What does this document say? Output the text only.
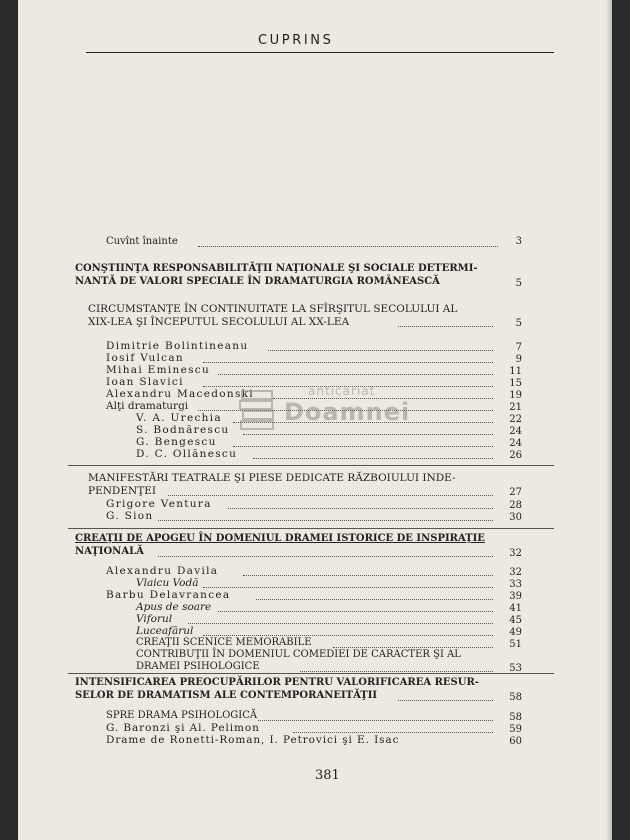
CUPRINS
Cuvînt înainte	3
CONŞTIINŢA RESPONSABILITĂŢII NAŢIONALE ŞI SOCIALE DETERMI-
NANTĂ DE VALORI SPECIALE ÎN DRAMATURGIA ROMÂNEASCĂ	5
CIRCUMSTANŢE ÎN CONTINUITATE LA SFÎRŞITUL SECOLULUI AL
XIX-LEA ŞI ÎNCEPUTUL SECOLULUI AL XX-LEA	5
Dimitrie Bolintineanu	7
Iosif Vulcan	9
Mihai Eminescu	11
Ioan Slavici	15
Alexandru Macedonski	19
Alţi dramaturgi	21
V. A. Urechia	22
S. Bodnărescu	24
G. Bengescu	24
D. C. Ollănescu	26
anticariat
Doamnei
MANIFESTĂRI TEATRALE ŞI PIESE DEDICATE RĂZBOIULUI INDE-
PENDENŢEI	27
Grigore Ventura	28
G. Sion	30
CREAŢII DE APOGEU ÎN DOMENIUL DRAMEI ISTORICE DE INSPIRAŢIE
NAŢIONALĂ	32
Alexandru Davila	32
Vlaicu Vodă	33
Barbu Delavrancea	39
Apus de soare	41
Viforul	45
Luceafărul	49
CREAŢII SCENICE MEMORABILE	51
CONTRIBUŢII ÎN DOMENIUL COMEDIEI DE CARACTER ŞI AL
DRAMEI PSIHOLOGICE	53
INTENSIFICAREA PREOCUPĂRILOR PENTRU VALORIFICAREA RESUR-
SELOR DE DRAMATISM ALE CONTEMPORANEITĂŢII	58
SPRE DRAMA PSIHOLOGICĂ	58
G. Baronzi şi Al. Pelimon	59
Drame de Ronetti-Roman, I. Petrovici şi E. Isac	60
381
